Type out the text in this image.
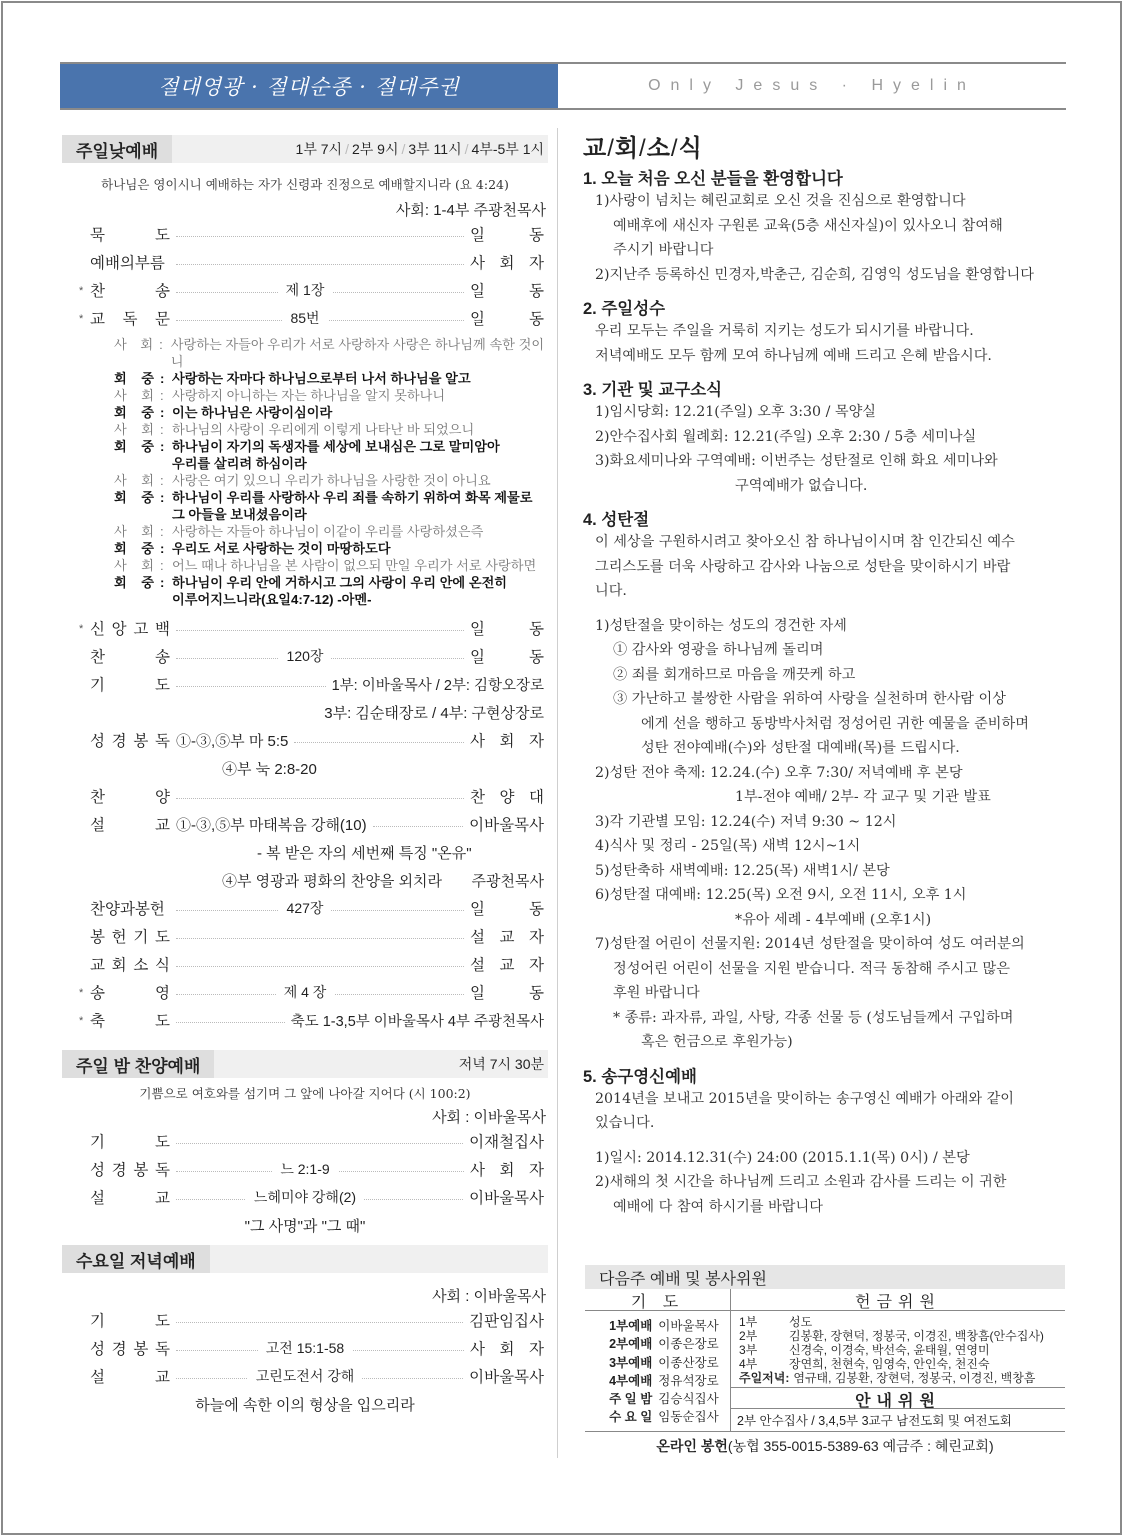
절대영광 · 절대순종 · 절대주권	Only Jesus · Hyelin
주일낮예배	1부 7시 / 2부 9시 / 3부 11시 / 4부-5부 1시
하나님은 영이시니 예배하는 자가 신령과 진정으로 예배할지니라 (요 4:24)
사회: 1-4부 주광천목사
묵	도	일	동
예배의부름	사 회 자
* 찬	송	제 1장	일	동
* 교 독 문	85번	일	동
사 회 : 사랑하는 자들아 우리가 서로 사랑하자 사랑은 하나님께 속한 것이니
회 중 : 사랑하는 자마다 하나님으로부터 나서 하나님을 알고
사 회 : 사랑하지 아니하는 자는 하나님을 알지 못하나니
회 중 : 이는 하나님은 사랑이심이라
사 회 : 하나님의 사랑이 우리에게 이렇게 나타난 바 되었으니
회 중 : 하나님이 자기의 독생자를 세상에 보내심은 그로 말미암아
우리를 살리려 하심이라
사 회 : 사랑은 여기 있으니 우리가 하나님을 사랑한 것이 아니요
회 중 : 하나님이 우리를 사랑하사 우리 죄를 속하기 위하여 화목 제물로
그 아들을 보내셨음이라
사 회 : 사랑하는 자들아 하나님이 이같이 우리를 사랑하셨은즉
회 중 : 우리도 서로 사랑하는 것이 마땅하도다
사 회 : 어느 때나 하나님을 본 사람이 없으되 만일 우리가 서로 사랑하면
회 중 : 하나님이 우리 안에 거하시고 그의 사랑이 우리 안에 온전히
이루어지느니라(요일4:7-12) -아멘-
* 신 앙 고 백	일	동
찬	송	120장	일	동
기	도	1부: 이바울목사 / 2부: 김항오장로
3부: 김순태장로 / 4부: 구현상장로
성 경 봉 독 ①-③,⑤부 마 5:5	사 회 자
④부 눅 2:8-20
찬	양	찬 양 대
설	교 ①-③,⑤부 마태복음 강해(10)	이바울목사
- 복 받은 자의 세번째 특징 "온유"
④부 영광과 평화의 찬양을 외치라 주광천목사
찬양과봉헌	427장	일	동
봉 헌 기 도	설 교 자
교 회 소 식	설 교 자
* 송	영	제 4 장	일	동
* 축	도	축도 1-3,5부 이바울목사 4부 주광천목사
주일 밤 찬양예배	저녁 7시 30분
기쁨으로 여호와를 섬기며 그 앞에 나아갈 지어다 (시 100:2)
사회 : 이바울목사
기	도	이재철집사
성 경 봉 독	느 2:1-9	사 회 자
설	교	느헤미야 강해(2)	이바울목사
"그 사명"과 "그 때"
수요일 저녁예배
사회 : 이바울목사
기	도	김판임집사
성 경 봉 독	고전 15:1-58	사 회 자
설	교	고린도전서 강해	이바울목사
하늘에 속한 이의 형상을 입으리라
교/회/소/식
1. 오늘 처음 오신 분들을 환영합니다
1)사랑이 넘치는 혜린교회로 오신 것을 진심으로 환영합니다
예배후에 새신자 구원론 교육(5층 새신자실)이 있사오니 참여해
주시기 바랍니다
2)지난주 등록하신 민경자,박춘근, 김순희, 김영익 성도님을 환영합니다
2. 주일성수
우리 모두는 주일을 거룩히 지키는 성도가 되시기를 바랍니다.
저녁예배도 모두 함께 모여 하나님께 예배 드리고 은혜 받읍시다.
3. 기관 및 교구소식
1)임시당회: 12.21(주일) 오후 3:30 / 목양실
2)안수집사회 월례회: 12.21(주일) 오후 2:30 / 5층 세미나실
3)화요세미나와 구역예배: 이번주는 성탄절로 인해 화요 세미나와
구역예배가 없습니다.
4. 성탄절
이 세상을 구원하시려고 찾아오신 참 하나님이시며 참 인간되신 예수
그리스도를 더욱 사랑하고 감사와 나눔으로 성탄을 맞이하시기 바랍
니다.
1)성탄절을 맞이하는 성도의 경건한 자세
① 감사와 영광을 하나님께 돌리며
② 죄를 회개하므로 마음을 깨끗케 하고
③ 가난하고 불쌍한 사람을 위하여 사랑을 실천하며 한사람 이상
에게 선을 행하고 동방박사처럼 정성어린 귀한 예물을 준비하며
성탄 전야예배(수)와 성탄절 대예배(목)를 드립시다.
2)성탄 전야 축제: 12.24.(수) 오후 7:30/ 저녁예배 후 본당
1부-전야 예배/ 2부- 각 교구 및 기관 발표
3)각 기관별 모임: 12.24(수) 저녁 9:30 ~ 12시
4)식사 및 정리 - 25일(목) 새벽 12시~1시
5)성탄축하 새벽예배: 12.25(목) 새벽1시/ 본당
6)성탄절 대예배: 12.25(목) 오전 9시, 오전 11시, 오후 1시
*유아 세례 - 4부예배 (오후1시)
7)성탄절 어린이 선물지원: 2014년 성탄절을 맞이하여 성도 여러분의
정성어린 어린이 선물을 지원 받습니다. 적극 동참해 주시고 많은
후원 바랍니다
* 종류: 과자류, 과일, 사탕, 각종 선물 등 (성도님들께서 구입하며
혹은 헌금으로 후원가능)
5. 송구영신예배
2014년을 보내고 2015년을 맞이하는 송구영신 예배가 아래와 같이
있습니다.
1)일시: 2014.12.31(수) 24:00 (2015.1.1(목) 0시) / 본당
2)새해의 첫 시간을 하나님께 드리고 소원과 감사를 드리는 이 귀한
예배에 다 참여 하시기를 바랍니다
다음주 예배 및 봉사위원
기 도
1부예배 이바울목사
2부예배 이종은장로
3부예배 이종산장로
4부예배 정유석장로
주 일 밤 김승식집사
수 요 일 임동순집사
헌금위원
1부	성도
2부	김봉환, 장현덕, 정봉국, 이경진, 백창흠(안수집사)
3부	신경숙, 이경숙, 박선숙, 윤태월, 연영미
4부	장연희, 천현숙, 임영숙, 안인숙, 천진숙
주일저녁: 염규태, 김봉환, 장현덕, 정봉국, 이경진, 백창흠
안내위원
2부 안수집사 / 3,4,5부 3교구 남전도회 및 여전도회
온라인 봉헌(농협 355-0015-5389-63 예금주 : 혜린교회)
